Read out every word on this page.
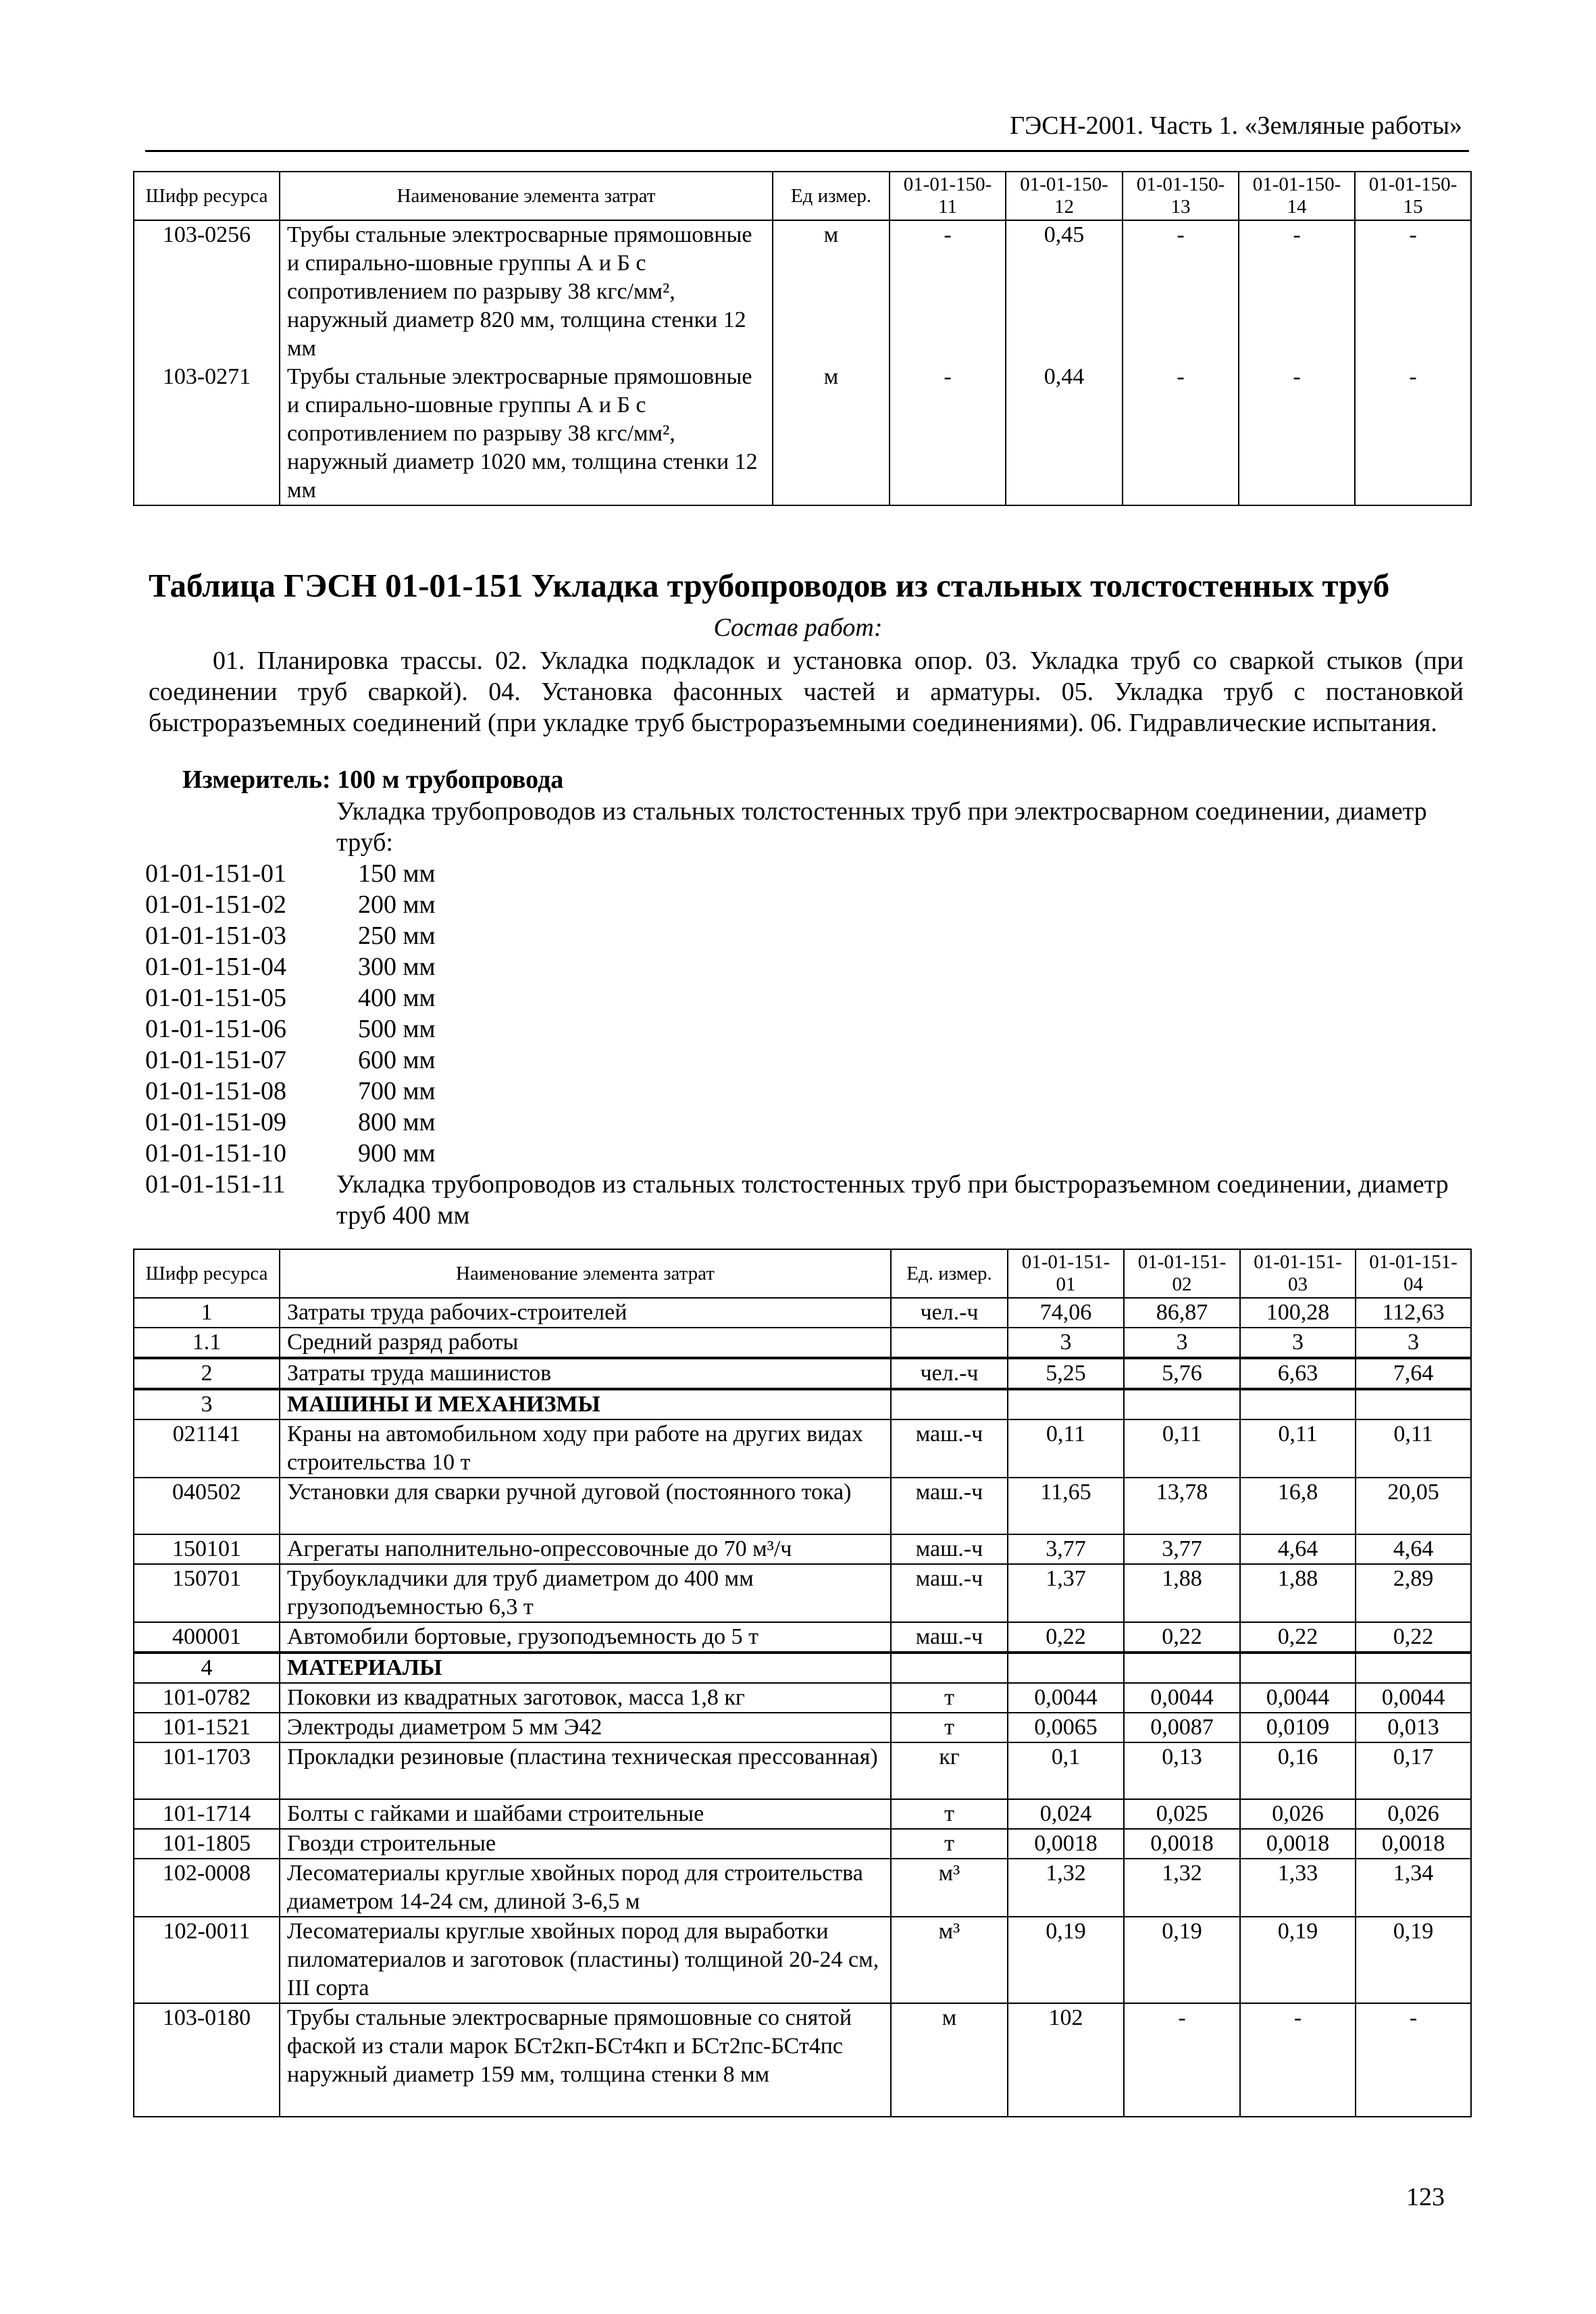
ГЭСН-2001. Часть 1. «Земляные работы»
Шифр ресурса	Наименование элемента затрат	Ед измер.	01-01-150-11	01-01-150-12	01-01-150-13	01-01-150-14	01-01-150-15
103-0256	Трубы стальные электросварные прямошовные и спирально-шовные группы А и Б с сопротивлением по разрыву 38 кгс/мм², наружный диаметр 820 мм, толщина стенки 12 мм	м	-	0,45	-	-	-
103-0271	Трубы стальные электросварные прямошовные и спирально-шовные группы А и Б с сопротивлением по разрыву 38 кгс/мм², наружный диаметр 1020 мм, толщина стенки 12 мм	м	-	0,44	-	-	-
Таблица ГЭСН 01-01-151 Укладка трубопроводов из стальных толстостенных труб
Состав работ:

01. Планировка трассы. 02. Укладка подкладок и установка опор. 03. Укладка труб со сваркой стыков (при соединении труб сваркой). 04. Установка фасонных частей и арматуры. 05. Укладка труб с постановкой быстроразъемных соединений (при укладке труб быстроразъемными соединениями). 06. Гидравлические испытания.

Измеритель: 100 м трубопровода
Укладка трубопроводов из стальных толстостенных труб при электросварном соединении, диаметр труб:
01-01-151-01	150 мм
01-01-151-02	200 мм
01-01-151-03	250 мм
01-01-151-04	300 мм
01-01-151-05	400 мм
01-01-151-06	500 мм
01-01-151-07	600 мм
01-01-151-08	700 мм
01-01-151-09	800 мм
01-01-151-10	900 мм
01-01-151-11 Укладка трубопроводов из стальных толстостенных труб при быстроразъемном соединении, диаметр труб 400 мм
Шифр ресурса	Наименование элемента затрат	Ед. измер.	01-01-151-01	01-01-151-02	01-01-151-03	01-01-151-04
1	Затраты труда рабочих-строителей	чел.-ч	74,06	86,87	100,28	112,63
1.1	Средний разряд работы		3	3	3	3
2	Затраты труда машинистов	чел.-ч	5,25	5,76	6,63	7,64
3	МАШИНЫ И МЕХАНИЗМЫ					
021141	Краны на автомобильном ходу при работе на других видах строительства 10 т	маш.-ч	0,11	0,11	0,11	0,11
040502	Установки для сварки ручной дуговой (постоянного тока)	маш.-ч	11,65	13,78	16,8	20,05
150101	Агрегаты наполнительно-опрессовочные до 70 м³/ч	маш.-ч	3,77	3,77	4,64	4,64
150701	Трубоукладчики для труб диаметром до 400 мм грузоподъемностью 6,3 т	маш.-ч	1,37	1,88	1,88	2,89
400001	Автомобили бортовые, грузоподъемность до 5 т	маш.-ч	0,22	0,22	0,22	0,22
4	МАТЕРИАЛЫ					
101-0782	Поковки из квадратных заготовок, масса 1,8 кг	т	0,0044	0,0044	0,0044	0,0044
101-1521	Электроды диаметром 5 мм Э42	т	0,0065	0,0087	0,0109	0,013
101-1703	Прокладки резиновые (пластина техническая прессованная)	кг	0,1	0,13	0,16	0,17
101-1714	Болты с гайками и шайбами строительные	т	0,024	0,025	0,026	0,026
101-1805	Гвозди строительные	т	0,0018	0,0018	0,0018	0,0018
102-0008	Лесоматериалы круглые хвойных пород для строительства диаметром 14-24 см, длиной 3-6,5 м	м³	1,32	1,32	1,33	1,34
102-0011	Лесоматериалы круглые хвойных пород для выработки пиломатериалов и заготовок (пластины) толщиной 20-24 см, III сорта	м³	0,19	0,19	0,19	0,19
103-0180	Трубы стальные электросварные прямошовные со снятой фаской из стали марок БСт2кп-БСт4кп и БСт2пс-БСт4пс наружный диаметр 159 мм, толщина стенки 8 мм	м	102	-	-	-
123
